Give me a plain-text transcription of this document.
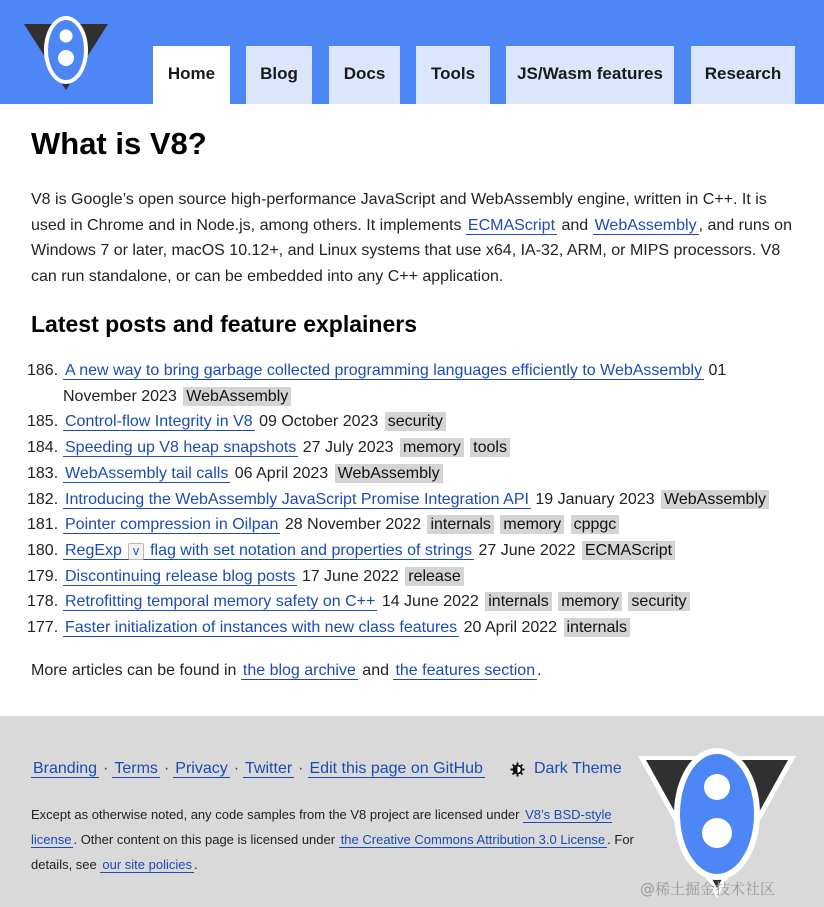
Home	Blog	Docs	Tools	JS/Wasm features	Research
What is V8?

V8 is Google’s open source high-performance JavaScript and WebAssembly engine, written in C++. It is used in Chrome and in Node.js, among others. It implements ECMAScript and WebAssembly , and runs on Windows 7 or later, macOS 10.12+, and Linux systems that use x64, IA-32, ARM, or MIPS processors. V8 can run standalone, or can be embedded into any C++ application.

Latest posts and feature explainers
186. A new way to bring garbage collected programming languages efficiently to WebAssembly 01 November 2023 WebAssembly
185. Control-flow Integrity in V8 09 October 2023 security
184. Speeding up V8 heap snapshots 27 July 2023 memory tools
183. WebAssembly tail calls 06 April 2023 WebAssembly
182. Introducing the WebAssembly JavaScript Promise Integration API 19 January 2023 WebAssembly
181. Pointer compression in Oilpan 28 November 2022 internals memory cppgc
180. RegExp v flag with set notation and properties of strings 27 June 2022 ECMAScript
179. Discontinuing release blog posts 17 June 2022 release
178. Retrofitting temporal memory safety on C++ 14 June 2022 internals memory security
177. Faster initialization of instances with new class features 20 April 2022 internals

More articles can be found in the blog archive and the features section .

Branding · Terms · Privacy · Twitter · Edit this page on GitHub	Dark Theme

Except as otherwise noted, any code samples from the V8 project are licensed under V8’s BSD-style license . Other content on this page is licensed under the Creative Commons Attribution 3.0 License . For details, see our site policies .

@稀土掘金技术社区
